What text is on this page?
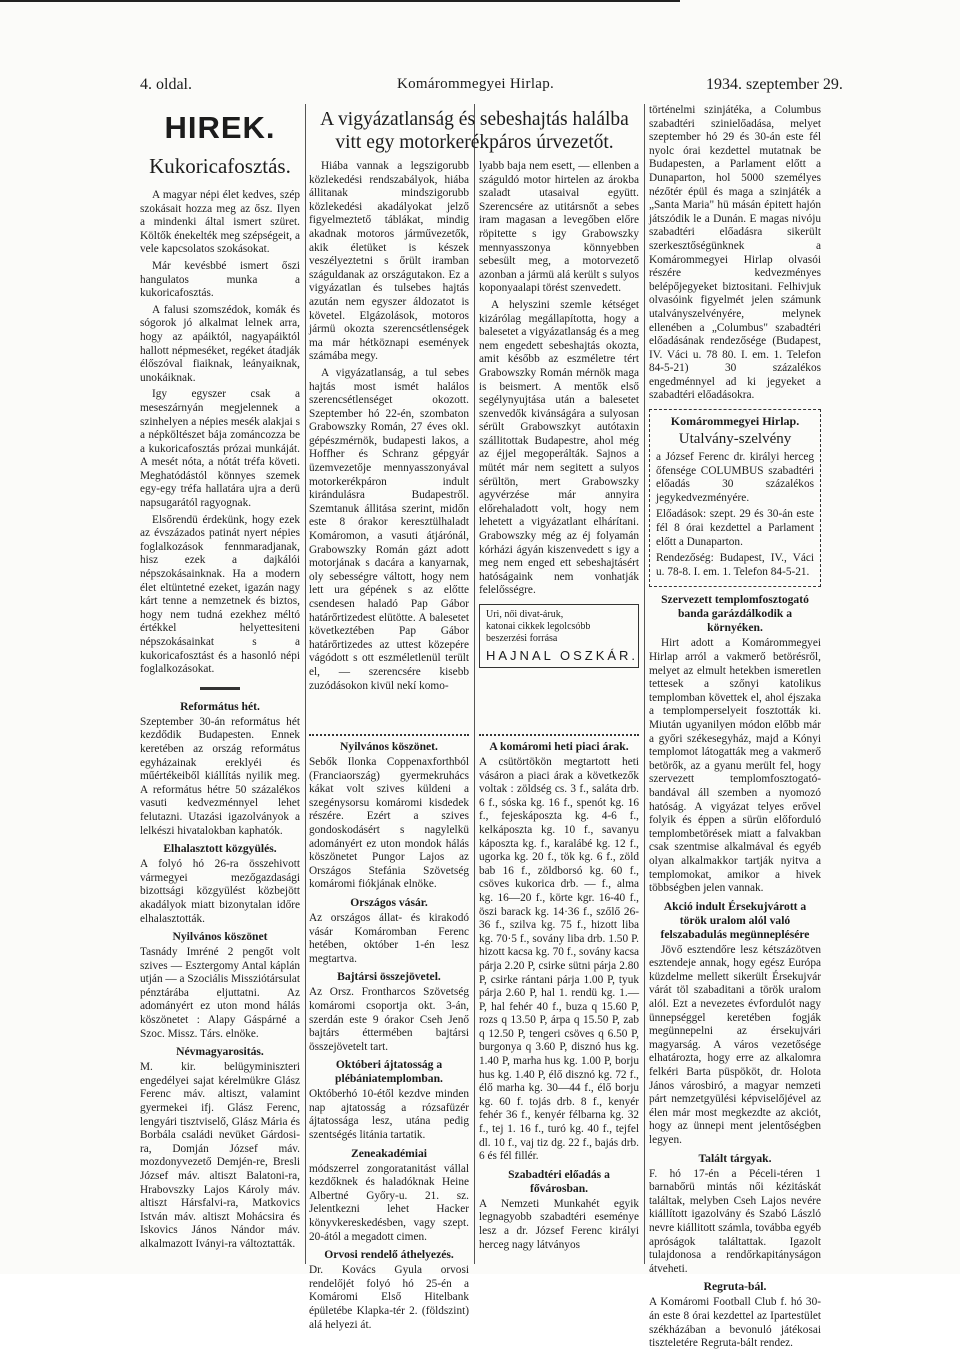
4. oldal.	Komárommegyei Hirlap.	1934. szeptember 29.
HIREK.
Kukoricafosztás.

A magyar népi élet kedves, szép szokásait hozza meg az ősz. Ilyen a mindenki által ismert szüret. Költők énekelték meg szépségeit, a vele kapcsolatos szokásokat.

Már kevésbbé ismert őszi hangulatos munka a kukoricafosztás.

A falusi szomszédok, komák és sógorok jó alkalmat lelnek arra, hogy az apáiktól, nagyapáiktól hallott népmeséket, regéket átadják élőszóval fiaiknak, leányaiknak, unokáiknak.

Igy egyszer csak a meseszárnyán megjelennek a szinhelyen a népies mesék alakjai s a népköltészet bája zománcozza be a kukoricafosztás prózai munkáját. A mesét nóta, a nótát tréfa követi. Meghatódástól könnyes szemek egy-egy tréfa hallatára ujra a derü napsugarától ragyognak.

Elsőrendü érdekünk, hogy ezek az évszázados patinát nyert népies foglalkozások fennmaradjanak, hisz ezek a dajkálói népszokásainknak. Ha a modern élet eltüntetné ezeket, igazán nagy kárt tenne a nemzetnek és biztos, hogy nem tudná ezekhez méltó értékkel helyettesiteni népszokásainkat s a kukoricafosztást és a hasonló népi foglalkozásokat.

Református hét.

Szeptember 30-án református hét kezdődik Budapesten. Ennek keretében az ország református egyházainak ereklyéi és műértékeiből kiállítás nyilik meg. A református hétre 50 százalékos vasuti kedvezménnyel lehet felutazni. Utazási igazolványok a lelkészi hivatalokban kaphatók.

Elhalasztott közgyülés.

A folyó hó 26-ra összehivott vármegyei mezőgazdasági bizottsági közgyülést közbejött akadályok miatt bizonytalan időre elhalasztották.

Nyilvános köszönet

Tasnády Imréné 2 pengőt volt szives — Esztergomy Antal káplán utján — a Szociális Missziótársulat pénztárába eljuttatni. Az adományért ez uton mond hálás köszönetet : Alapy Gáspárné a Szoc. Missz. Társ. elnöke.

Névmagyarositás.

M. kir. belügyminiszteri engedélyei sajat kérelmükre Glász Ferenc máv. altiszt, valamint gyermekei ifj. Glász Ferenc, lengyári tisztviselő, Glász Mária és Borbála családi nevüket Gárdosi-ra, Domján József máv. mozdonyvezető Demjén-re, Bresli József máv. altiszt Balatoni-ra, Hrabovszky Lajos Károly máv. altiszt Hársfalvi-ra, Matkovics István máv. altiszt Mohácsira és Iskovics János Nándor máv. alkalmazott Iványi-ra változtatták.

A vigyázatlanság és sebeshajtás halálba vitt egy motorkerékpáros úrvezetőt.

Hiába vannak a legszigorubb közlekedési rendszabályok, hiába állitanak mindszigorubb közlekedési akadályokat jelző figyelmeztető táblákat, mindig akadnak motoros járművezetők, akik életüket is készek veszélyeztetni s őrült iramban száguldanak az országutakon. Ez a vigyázatlan és tulsebes hajtás azután nem egyszer áldozatot is követel. Elgázolások, motoros jármü okozta szerencsétlenségek ma már hétköznapi események számába megy.

A vigyázatlanság, a tul sebes hajtás most ismét halálos szerencsétlenséget okozott. Szeptember hó 22-én, szombaton Grabowszky Román, 27 éves okl. gépészmérnök, budapesti lakos, a Hoffher és Schranz gépgyár üzemvezetője mennyasszonyával motorkerékpáron indult kirándulásra Budapestről. Szemtanuk állitása szerint, midőn este 8 órakor keresztülhaladt Komáromon, a vasuti átjárónál, Grabowszky Román gázt adott motorjának s dacára a kanyarnak, oly sebességre váltott, hogy nem lett ura gépének s az előtte csendesen haladó Pap Gábor határőrtizedest elütötte. A balesetet következtében Pap Gábor határőrtizedes az uttest közepére vágódott s ott eszméletlenül terült el, — szerencsére kisebb zuzódásokon kivül nekí komo-

lyabb baja nem esett, — ellenben a száguldó motor hirtelen az árokba szaladt utasaival együtt. Szerencsére az utitársnőt a sebes iram magasan a levegőben előre röpitette s igy Grabowszky mennyasszonya könnyebben sebesült meg, a motorvezető azonban a jármü alá került s sulyos koponyaalapi törést szenvedett.

A helyszini szemle kétséget kizárólag megállapította, hogy a balesetet a vigyázatlanság és a meg nem engedett sebeshajtás okozta, amit később az eszméletre tért Grabowszky Román mérnök maga is beismert. A mentők első segélynyujtása után a balesetet szenvedők kivánságára a sulyosan sérült Grabowszkyt autótaxin szállitottak Budapestre, ahol még az éjjel megoperálták. Sajnos a mütét már nem segitett a sulyos sérültön, mert Grabowszky agyvérzése már annyira előrehaladott volt, hogy nem lehetett a vigyázatlant elhárítani. Grabowszky még az éj folyamán kórházi ágyán kiszenvedett s igy a meg nem enged ett sebeshajtásért hatóságaink nem vonhatják felelősségre.

Uri, női divat-áruk,
katonai cikkek legolcsóbb
beszerzési forrása
HAJNAL OSZKÁR.
Nyilvános köszönet.

Sebők Ilonka Coppenaxforthból (Franciaország) gyermekruhács kákat volt szives küldeni a szegénysorsu komáromi kisdedek részére. Ezért a szives gondoskodásért s nagylelkü adományért ez uton mondok hálás köszönetet Pungor Lajos az Országos Stefánia Szövetség komáromi fiókjának elnöke.

Országos vásár.

Az országos állat- és kirakodó vásár Komáromban Ferenc hetében, október 1-én lesz megtartva.

Bajtársi összejövetel.

Az Orsz. Frontharcos Szövetség komáromi csoportja okt. 3-án, szerdán este 9 órakor Cseh Jenő bajtárs éttermében bajtársi összejövetelt tart.

Októberi ájtatosság a plébániatemplomban.

Októberhó 10-étől kezdve minden nap ajtatosság a rózsafüzér ájtatossága lesz, utána pedig szentségés litánia tartatik.

Zeneakadémiai

módszerrel zongoratanitást vállal kezdőknek és haladóknak Heine Albertné Győry-u. 21. sz. Jelentkezni lehet Hacker könyvkereskedésben, vagy szept. 20-ától a megadott cimen.

Orvosi rendelő áthelyezés.

Dr. Kovács Gyula orvosi rendelőjét folyó hó 25-én a Komáromi Első Hitelbank épületébe Klapka-tér 2. (földszint) alá helyezi át.

A komáromi heti piaci árak.

A csütörtökön megtartott heti vásáron a piaci árak a következők voltak : zöldség cs. 3 f., saláta drb. 6 f., sóska kg. 16 f., spenót kg. 16 f., fejeskáposzta kg. 4-6 f., kelkáposzta kg. 10 f., savanyu káposzta kg. f., karalábé kg. 12 f., ugorka kg. 20 f., tök kg. 6 f., zöld bab 16 f., zöldborsó kg. 60 f., csöves kukorica drb. — f., alma kg. 16—20 f., körte kgr. 16-40 f., öszi barack kg. 14·36 f., szőlő 26-36 f., szilva kg. 75 f., hizott liba kg. 70·5 f., sovány liba drb. 1.50 P. hizott kacsa kg. 70 f., sovány kacsa párja 2.20 P, csirke sütni párja 2.80 P, csirke rántani párja 1.00 P, tyuk párja 2.60 P, hal 1. rendü kg. 1.— P, hal fehér 40 f., buza q 15.60 P, rozs q 13.50 P, árpa q 15.50 P, zab q 12.50 P, tengeri csöves q 6.50 P, burgonya q 3.60 P, disznó hus kg. 1.40 P, marha hus kg. 1.00 P, borju hus kg. 1.40 P, élő disznó kg. 72 f., élő marha kg. 30—44 f., élő borju kg. 60 f. tojás drb. 8 f., kenyér fehér 36 f., kenyér félbarna kg. 32 f., tej 1. 16 f., turó kg. 40 f., tejfel dl. 10 f., vaj tiz dg. 22 f., bajás drb. 6 és fél fillér.

Szabadtéri előadás a fővárosban.

A Nemzeti Munkahét egyik legnagyobb szabadtéri eseménye lesz a dr. József Ferenc királyi herceg nagy látványos

történelmi szinjátéka, a Columbus szabadtéri szinielőadása, melyet szeptember hó 29 és 30-án este fél nyolc órai kezdettel mutatnak be Budapesten, a Parlament előtt a Dunaparton, hol 5000 személyes nézőtér épül és maga a szinjáték a „Santa Maria" hü másán épitett hajón játszódik le a Dunán. E magas nivóju szabadtéri előadásra sikerült szerkesztőségünknek a Komárommegyei Hirlap olvasói részére kedvezményes belépőjegyeket biztositani. Felhivjuk olvasóink figyelmét jelen számunk utalványszelvényére, melynek ellenében a „Columbus" szabadtéri előadásának rendezősége (Budapest, IV. Váci u. 78 80. I. em. 1. Telefon 84-5-21) 30 százalékos engedménnyel ad ki jegyeket a szabadtéri előadásokra.

Komárommegyei Hirlap.
Utalvány-szelvény

a József Ferenc dr. királyi herceg őfensége COLUMBUS szabadtéri előadás 30 százalékos jegykedvezményére.

Előadások: szept. 29 és 30-án este fél 8 órai kezdettel a Parlament előtt a Dunaparton.

Rendezőség: Budapest, IV., Váci u. 78-8. I. em. 1. Telefon 84-5-21.

Szervezett templomfosztogató banda garázdálkodik a környéken.

Hirt adott a Komárommegyei Hirlap arról a vakmerő betörésről, melyet az elmult hetekben ismeretlen tettesek a szőnyi katolikus templomban követtek el, ahol éjszaka a templomperselyeit fosztották ki. Miután ugyanilyen módon előbb már a győri székesegyház, majd a Kónyi templomot látogatták meg a vakmerő betörők, az a gyanu merült fel, hogy szervezett templomfosztogató-bandával áll szemben a nyomozó hatóság. A vigyázat telyes erővel folyik és éppen a sürün előforduló templombetörések miatt a falvakban csak szentmise alkalmával és egyéb olyan alkalmakkor tartják nyitva a templomokat, amikor a hivek többségben jelen vannak.

Akció indult Érsekujvárott a török uralom alól való felszabadulás megünneplésére

Jövő esztendőre lesz kétszázötven esztendeje annak, hogy egész Európa küzdelme mellett sikerült Érsekujvár várát töl szabaditani a török uralom alól. Ezt a nevezetes évfordulót nagy ünnepséggel keretében fogják megünnepelni az érsekujvári magyarság. A város vezetősége elhatározta, hogy erre az alkalomra felkéri Barta püspököt, dr. Holota János városbiró, a magyar nemzeti párt nemzetgyülési képviselőjével az élen már most megkezdte az akciót, hogy az ünnepi ment jelentőségben legyen.

Talált tárgyak.

F. hó 17-én a Péceli-téren 1 barnabőrü mintás női kézitáskát találtak, melyben Cseh Lajos nevére kiállított igazolvány és Szabó László nevre kiállitott számla, továbba egyéb apróságok találtattak. Igazolt tulajdonosa a rendőrkapitányságon átveheti.

Regruta-bál.

A Komáromi Football Club f. hó 30-án este 8 órai kezdettel az Ipartestület székházában a bevonuló játékosai tiszteletére Regruta-bált rendez.
